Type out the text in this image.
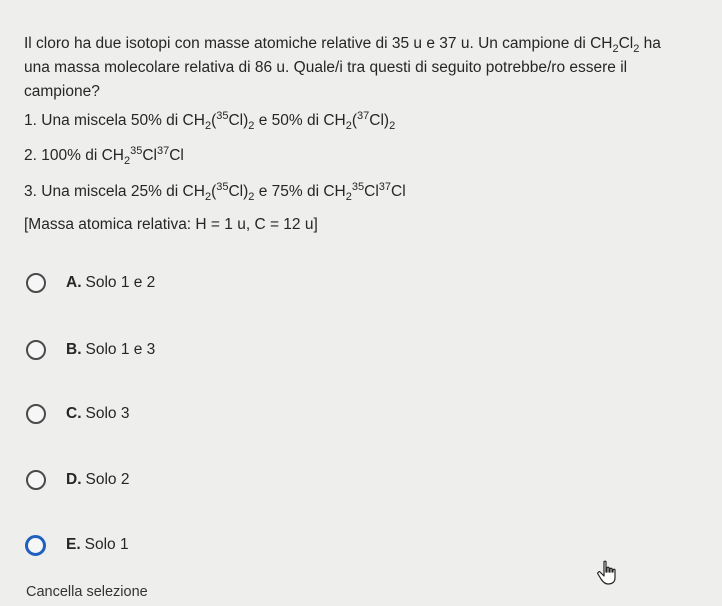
Il cloro ha due isotopi con masse atomiche relative di 35 u e 37 u. Un campione di $CH_2Cl_2$ ha
una massa molecolare relativa di 86 u. Quale/i tra questi di seguito potrebbe/ro essere il
campione?
1. Una miscela 50% di $CH_2(^{35}Cl)_2$ e 50% di $CH_2(^{37}Cl)_2$
2. 100% di $CH_2^{35}Cl^{37}Cl$
3. Una miscela 25% di $CH_2(^{35}Cl)_2$ e 75% di $CH_2^{35}Cl^{37}Cl$
[Massa atomica relativa: H = 1 u, C = 12 u]
A. Solo 1 e 2
B. Solo 1 e 3
C. Solo 3
D. Solo 2
E. Solo 1
Cancella selezione
